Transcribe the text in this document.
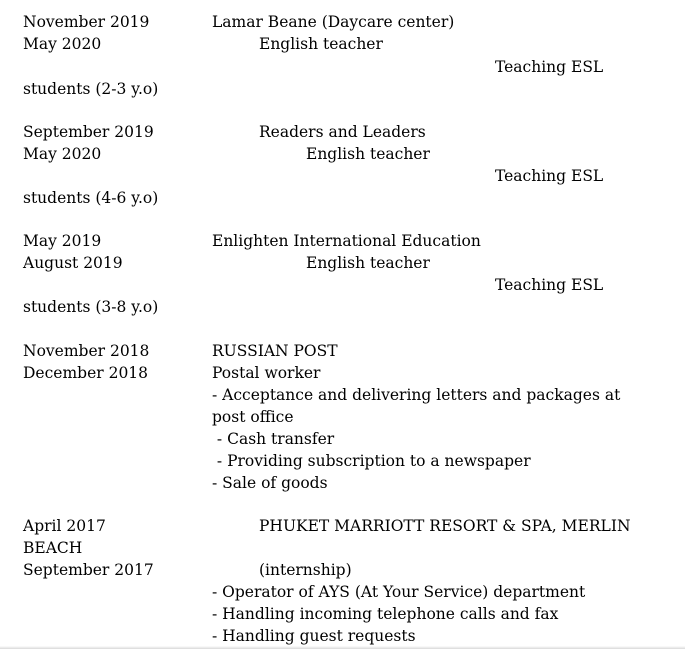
November 2019	Lamar Beane (Daycare center)
May 2020	English teacher
Teaching ESL
students (2-3 y.o)
September 2019	Readers and Leaders
May 2020	English teacher
Teaching ESL
students (4-6 y.o)
May 2019	Enlighten International Education
August 2019	English teacher
Teaching ESL
students (3-8 y.o)
November 2018	RUSSIAN POST
December 2018	Postal worker
- Acceptance and delivering letters and packages at
post office
- Cash transfer
- Providing subscription to a newspaper
- Sale of goods
April 2017	PHUKET MARRIOTT RESORT & SPA, MERLIN
BEACH
September 2017	(internship)
- Operator of AYS (At Your Service) department
- Handling incoming telephone calls and fax
- Handling guest requests
